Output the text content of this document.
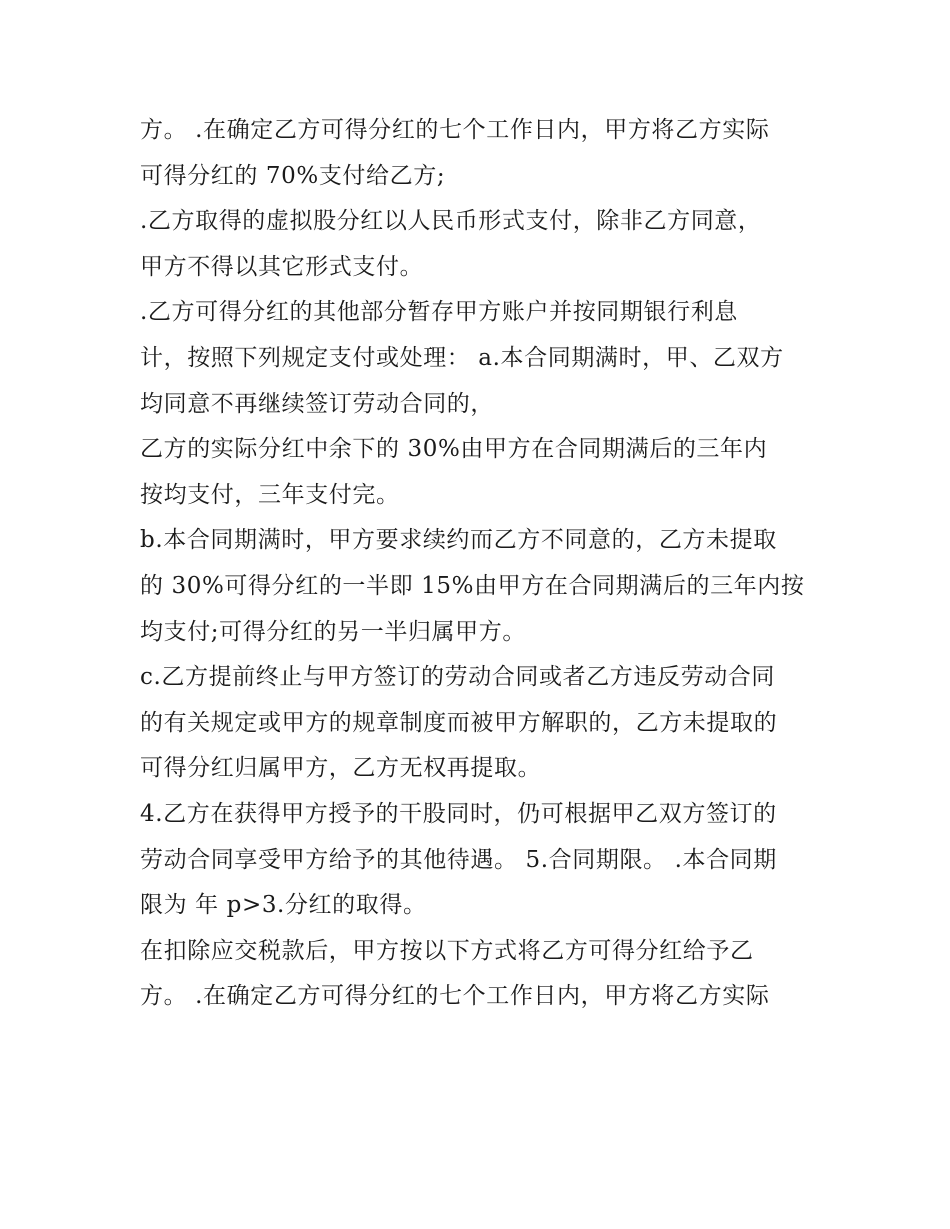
方。 .在确定乙方可得分红的七个工作日内，甲方将乙方实际
可得分红的 70%支付给乙方;
.乙方取得的虚拟股分红以人民币形式支付，除非乙方同意，
甲方不得以其它形式支付。
.乙方可得分红的其他部分暂存甲方账户并按同期银行利息
计，按照下列规定支付或处理： a.本合同期满时，甲、乙双方
均同意不再继续签订劳动合同的，
乙方的实际分红中余下的 30%由甲方在合同期满后的三年内
按均支付，三年支付完。
b.本合同期满时，甲方要求续约而乙方不同意的，乙方未提取
的 30%可得分红的一半即 15%由甲方在合同期满后的三年内按
均支付;可得分红的另一半归属甲方。
c.乙方提前终止与甲方签订的劳动合同或者乙方违反劳动合同
的有关规定或甲方的规章制度而被甲方解职的，乙方未提取的
可得分红归属甲方，乙方无权再提取。
4.乙方在获得甲方授予的干股同时，仍可根据甲乙双方签订的
劳动合同享受甲方给予的其他待遇。 5.合同期限。 .本合同期
限为 年 p>3.分红的取得。
在扣除应交税款后，甲方按以下方式将乙方可得分红给予乙
方。 .在确定乙方可得分红的七个工作日内，甲方将乙方实际
